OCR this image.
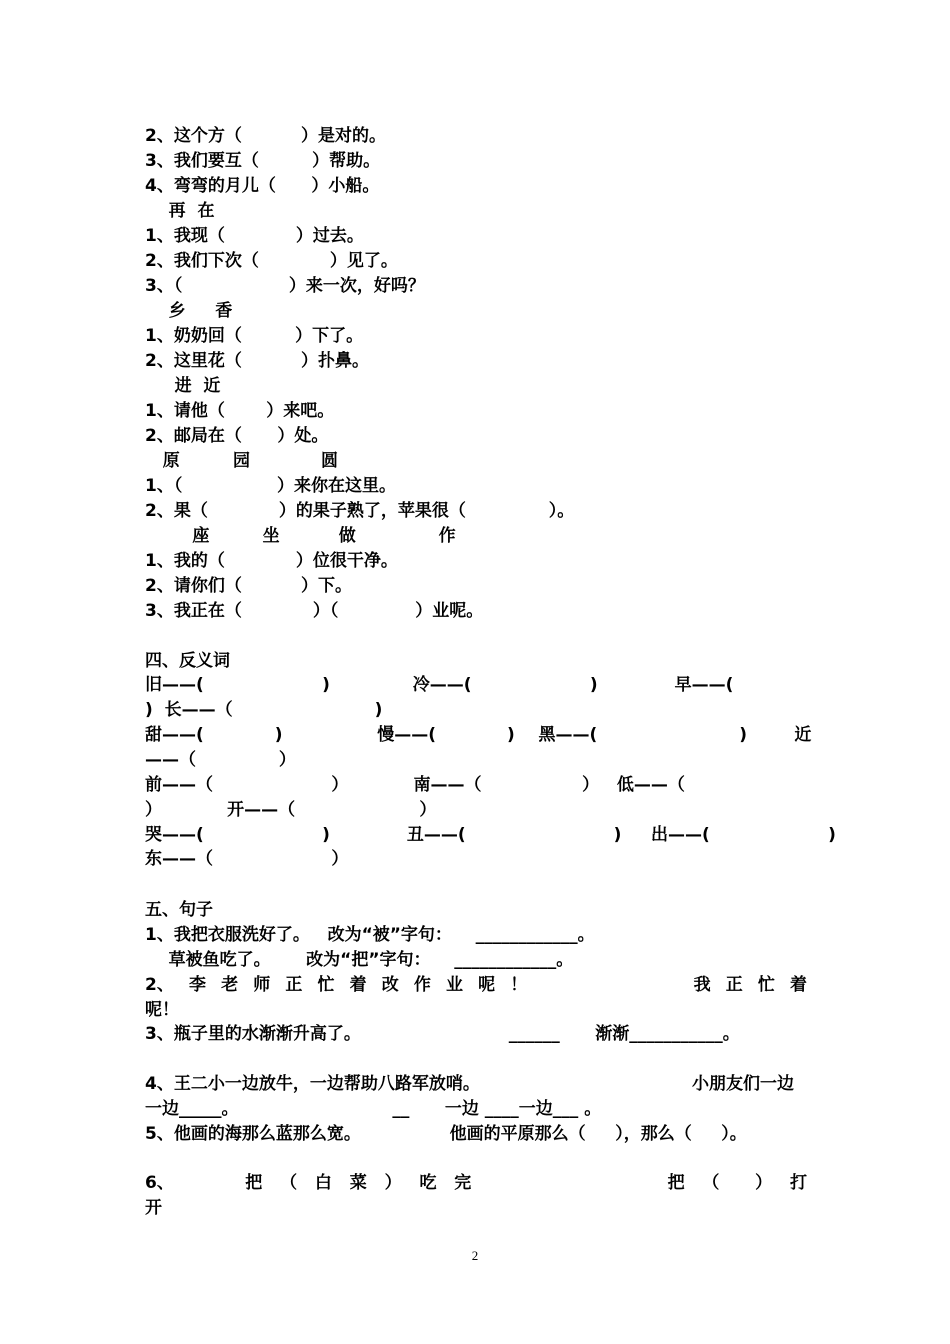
2、这个方（          ）是对的。
3、我们要互（         ）帮助。
4、弯弯的月儿（      ）小船。
再  在
1、我现（            ）过去。
2、我们下次（            ）见了。
3、（                  ）来一次，好吗？
乡     香
1、奶奶回（         ）下了。
2、这里花（          ）扑鼻。
进  近
1、请他（       ）来吧。
2、邮局在（      ）处。
原         园            圆
1、（                ）来你在这里。
2、果（            ）的果子熟了，苹果很（              ）。
座         坐          做              作
1、我的（            ）位很干净。
2、请你们（          ）下。
3、我正在（            ）（             ）业呢。
四、反义词
旧——(                    )              冷——(                    )             早——(
)  长——（                        )
甜——(            )                慢——(            )    黑——(                        )        近
——（              ）
前——（                    ）           南——（                 ）   低——（
）           开——（                     ）
哭——(                    )             丑——(                         )     出——(                    )
东——（                    ）
五、句子
1、我把衣服洗好了。   改为“被”字句：    ____________。
草被鱼吃了。      改为“把”字句：    ____________。
2、 李 老 师 正 忙 着 改 作 业 呢 ！	我 正 忙 着
呢！
3、瓶子里的水渐渐升高了。                         ______      渐渐___________。
4、王二小一边放牛，一边帮助八路军放哨。	小朋友们一边
一边_____。                          __      一边 ____一边___ 。
5、他画的海那么蓝那么宽。               他画的平原那么（     ），那么（     ）。
6、	把 （ 白 菜 ） 吃 完	把 （ ） 打
开
2
